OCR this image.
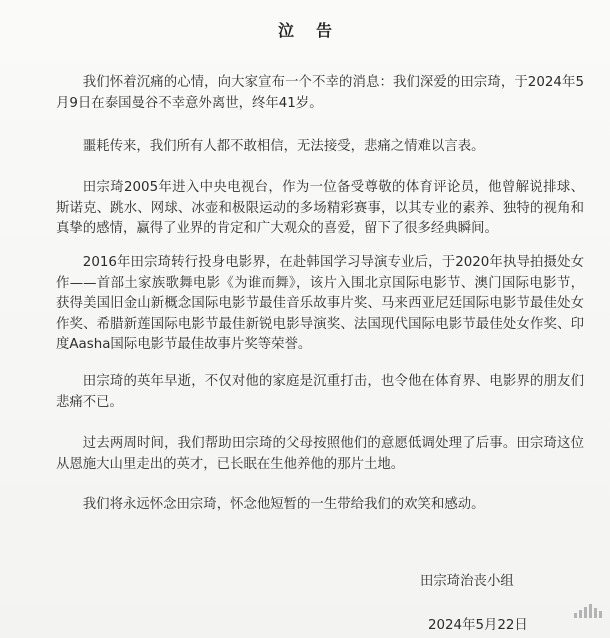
泣告

我们怀着沉痛的心情，向大家宣布一个不幸的消息：我们深爱的田宗琦，于2024年5月9日在泰国曼谷不幸意外离世，终年41岁。

噩耗传来，我们所有人都不敢相信，无法接受，悲痛之情难以言表。

田宗琦2005年进入中央电视台，作为一位备受尊敬的体育评论员，他曾解说排球、斯诺克、跳水、网球、冰壶和极限运动的多场精彩赛事，以其专业的素养、独特的视角和真挚的感情，赢得了业界的肯定和广大观众的喜爱，留下了很多经典瞬间。

2016年田宗琦转行投身电影界，在赴韩国学习导演专业后，于2020年执导拍摄处女作——首部土家族歌舞电影《为谁而舞》，该片入围北京国际电影节、澳门国际电影节，获得美国旧金山新概念国际电影节最佳音乐故事片奖、马来西亚尼廷国际电影节最佳处女作奖、希腊新莲国际电影节最佳新锐电影导演奖、法国现代国际电影节最佳处女作奖、印度Aasha国际电影节最佳故事片奖等荣誉。

田宗琦的英年早逝，不仅对他的家庭是沉重打击，也令他在体育界、电影界的朋友们悲痛不已。

过去两周时间，我们帮助田宗琦的父母按照他们的意愿低调处理了后事。田宗琦这位从恩施大山里走出的英才，已长眠在生他养他的那片土地。

我们将永远怀念田宗琦，怀念他短暂的一生带给我们的欢笑和感动。

田宗琦治丧小组
2024年5月22日
